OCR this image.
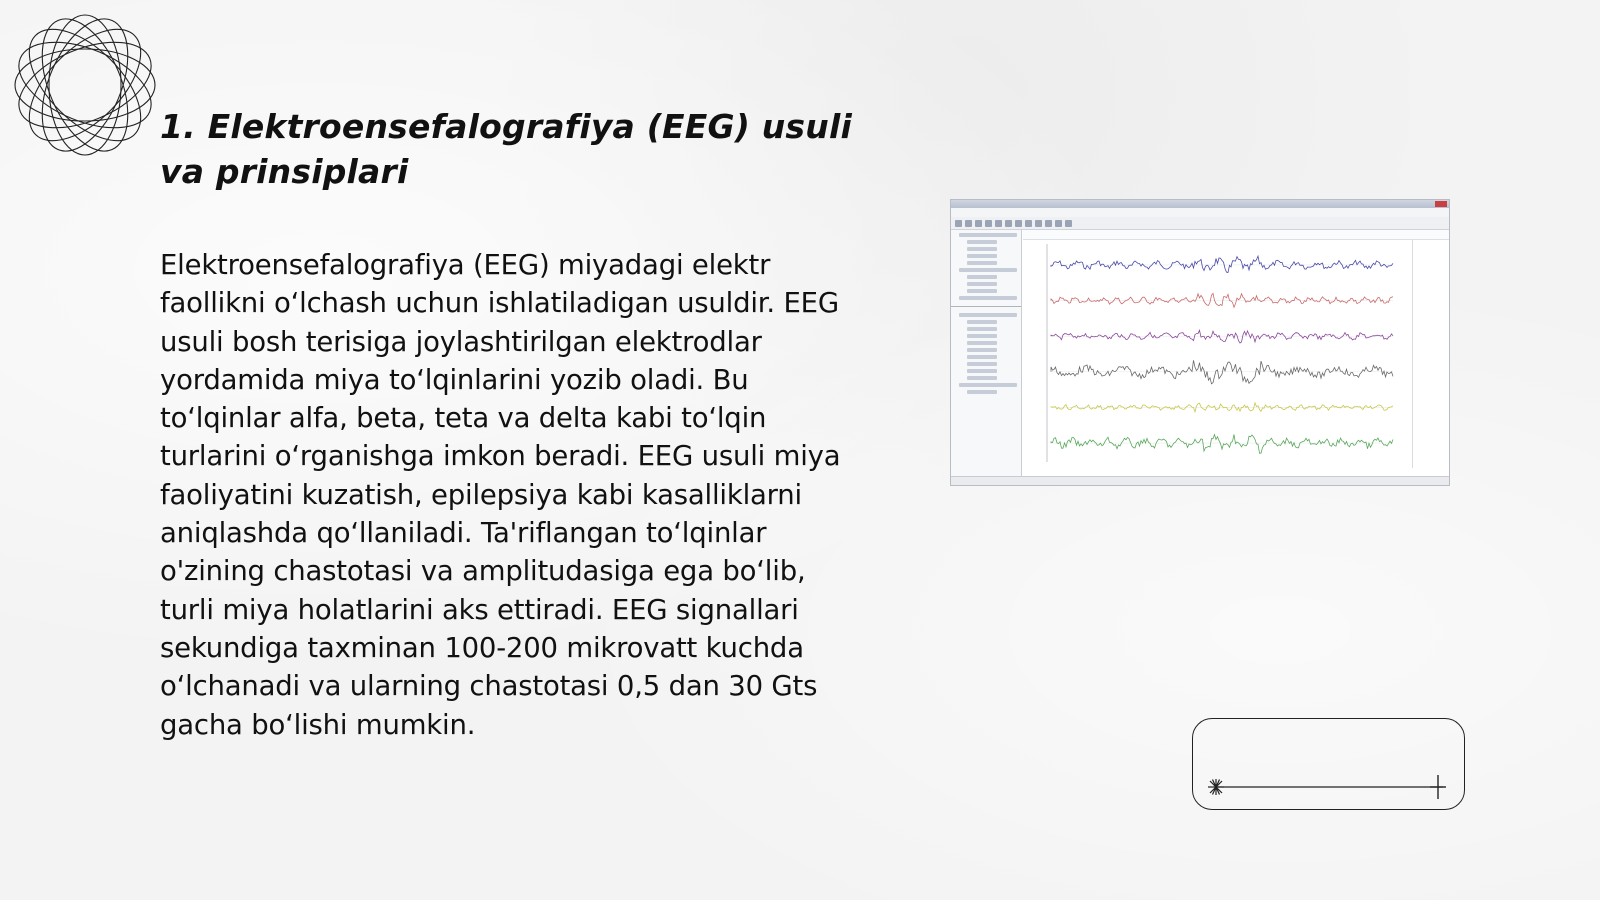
1. Elektroensefalografiya (EEG) usuli va prinsiplari

Elektroensefalografiya (EEG) miyadagi elektr faollikni o‘lchash uchun ishlatiladigan usuldir. EEG usuli bosh terisiga joylashtirilgan elektrodlar yordamida miya to‘lqinlarini yozib oladi. Bu to‘lqinlar alfa, beta, teta va delta kabi to‘lqin turlarini o‘rganishga imkon beradi. EEG usuli miya faoliyatini kuzatish, epilepsiya kabi kasalliklarni aniqlashda qo‘llaniladi. Ta'riflangan to‘lqinlar o'zining chastotasi va amplitudasiga ega bo‘lib, turli miya holatlarini aks ettiradi. EEG signallari sekundiga taxminan 100-200 mikrovatt kuchda o‘lchanadi va ularning chastotasi 0,5 dan 30 Gts gacha bo‘lishi mumkin.
